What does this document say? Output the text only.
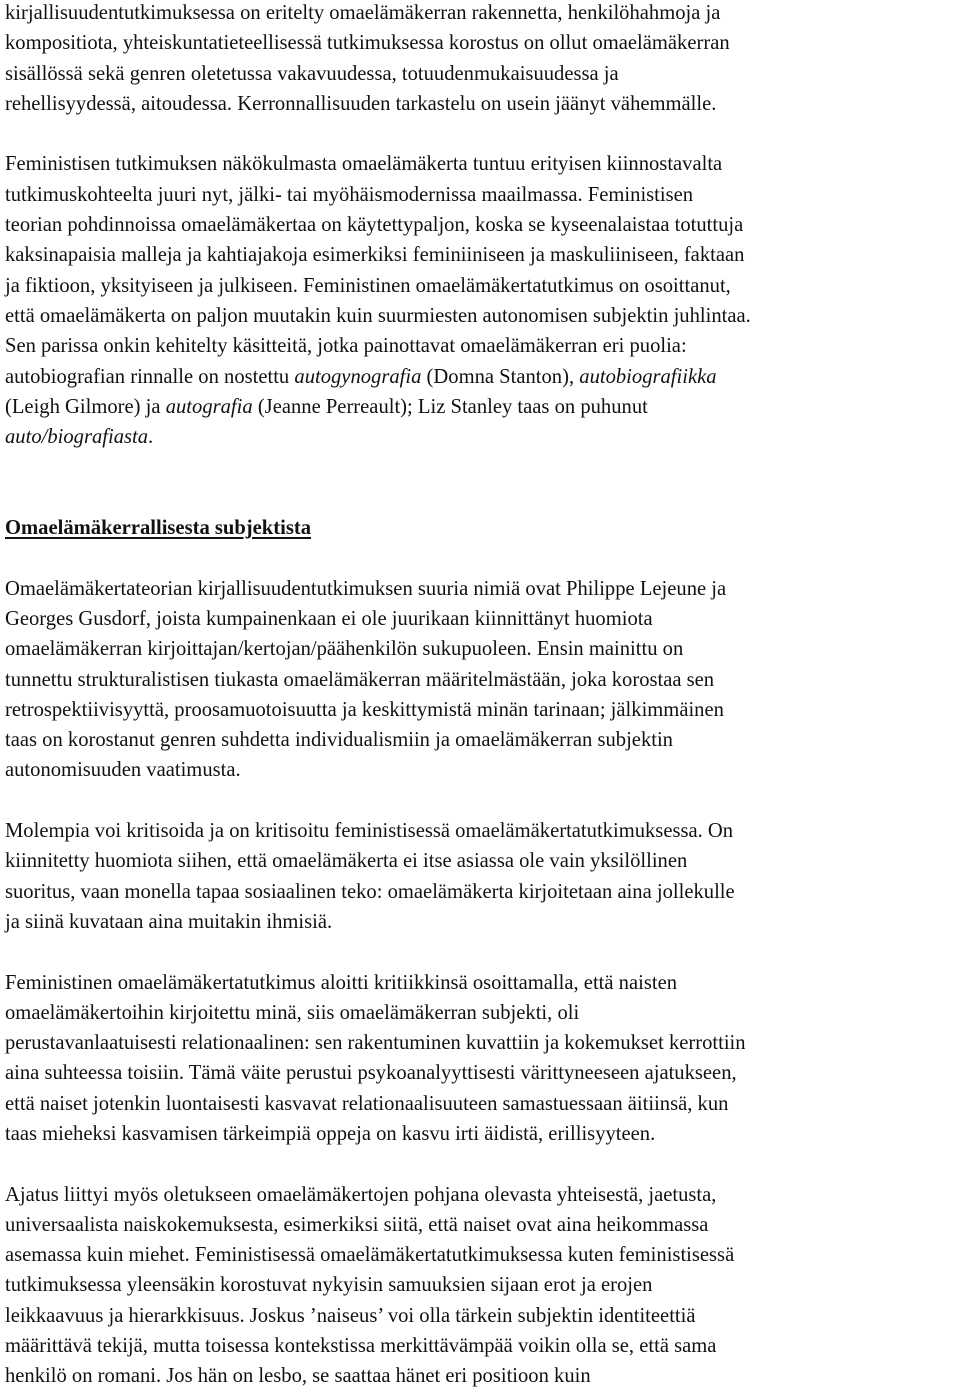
kirjallisuudentutkimuksessa on eritelty omaelämäkerran rakennetta, henkilöhahmoja ja
kompositiota, yhteiskuntatieteellisessä tutkimuksessa korostus on ollut omaelämäkerran
sisällössä sekä genren oletetussa vakavuudessa, totuudenmukaisuudessa ja
rehellisyydessä, aitoudessa. Kerronnallisuuden tarkastelu on usein jäänyt vähemmälle.

Feministisen tutkimuksen näkökulmasta omaelämäkerta tuntuu erityisen kiinnostavalta
tutkimuskohteelta juuri nyt, jälki- tai myöhäismodernissa maailmassa. Feministisen
teorian pohdinnoissa omaelämäkertaa on käytettypaljon, koska se kyseenalaistaa totuttuja
kaksinapaisia malleja ja kahtiajakoja esimerkiksi feminiiniseen ja maskuliiniseen, faktaan
ja fiktioon, yksityiseen ja julkiseen. Feministinen omaelämäkertatutkimus on osoittanut,
että omaelämäkerta on paljon muutakin kuin suurmiesten autonomisen subjektin juhlintaa.
Sen parissa onkin kehitelty käsitteitä, jotka painottavat omaelämäkerran eri puolia:
autobiografian rinnalle on nostettu autogynografia (Domna Stanton), autobiografiikka
(Leigh Gilmore) ja autografia (Jeanne Perreault); Liz Stanley taas on puhunut
auto/biografiasta.

Omaelämäkerrallisesta subjektista

Omaelämäkertateorian kirjallisuudentutkimuksen suuria nimiä ovat Philippe Lejeune ja
Georges Gusdorf, joista kumpainenkaan ei ole juurikaan kiinnittänyt huomiota
omaelämäkerran kirjoittajan/kertojan/päähenkilön sukupuoleen. Ensin mainittu on
tunnettu strukturalistisen tiukasta omaelämäkerran määritelmästään, joka korostaa sen
retrospektiivisyyttä, proosamuotoisuutta ja keskittymistä minän tarinaan; jälkimmäinen
taas on korostanut genren suhdetta individualismiin ja omaelämäkerran subjektin
autonomisuuden vaatimusta.

Molempia voi kritisoida ja on kritisoitu feministisessä omaelämäkertatutkimuksessa. On
kiinnitetty huomiota siihen, että omaelämäkerta ei itse asiassa ole vain yksilöllinen
suoritus, vaan monella tapaa sosiaalinen teko: omaelämäkerta kirjoitetaan aina jollekulle
ja siinä kuvataan aina muitakin ihmisiä.

Feministinen omaelämäkertatutkimus aloitti kritiikkinsä osoittamalla, että naisten
omaelämäkertoihin kirjoitettu minä, siis omaelämäkerran subjekti, oli
perustavanlaatuisesti relationaalinen: sen rakentuminen kuvattiin ja kokemukset kerrottiin
aina suhteessa toisiin. Tämä väite perustui psykoanalyyttisesti värittyneeseen ajatukseen,
että naiset jotenkin luontaisesti kasvavat relationaalisuuteen samastuessaan äitiinsä, kun
taas mieheksi kasvamisen tärkeimpiä oppeja on kasvu irti äidistä, erillisyyteen.

Ajatus liittyi myös oletukseen omaelämäkertojen pohjana olevasta yhteisestä, jaetusta,
universaalista naiskokemuksesta, esimerkiksi siitä, että naiset ovat aina heikommassa
asemassa kuin miehet. Feministisessä omaelämäkertatutkimuksessa kuten feministisessä
tutkimuksessa yleensäkin korostuvat nykyisin samuuksien sijaan erot ja erojen
leikkaavuus ja hierarkkisuus. Joskus ’naiseus’ voi olla tärkein subjektin identiteettiä
määrittävä tekijä, mutta toisessa kontekstissa merkittävämpää voikin olla se, että sama
henkilö on romani. Jos hän on lesbo, se saattaa hänet eri positioon kuin
